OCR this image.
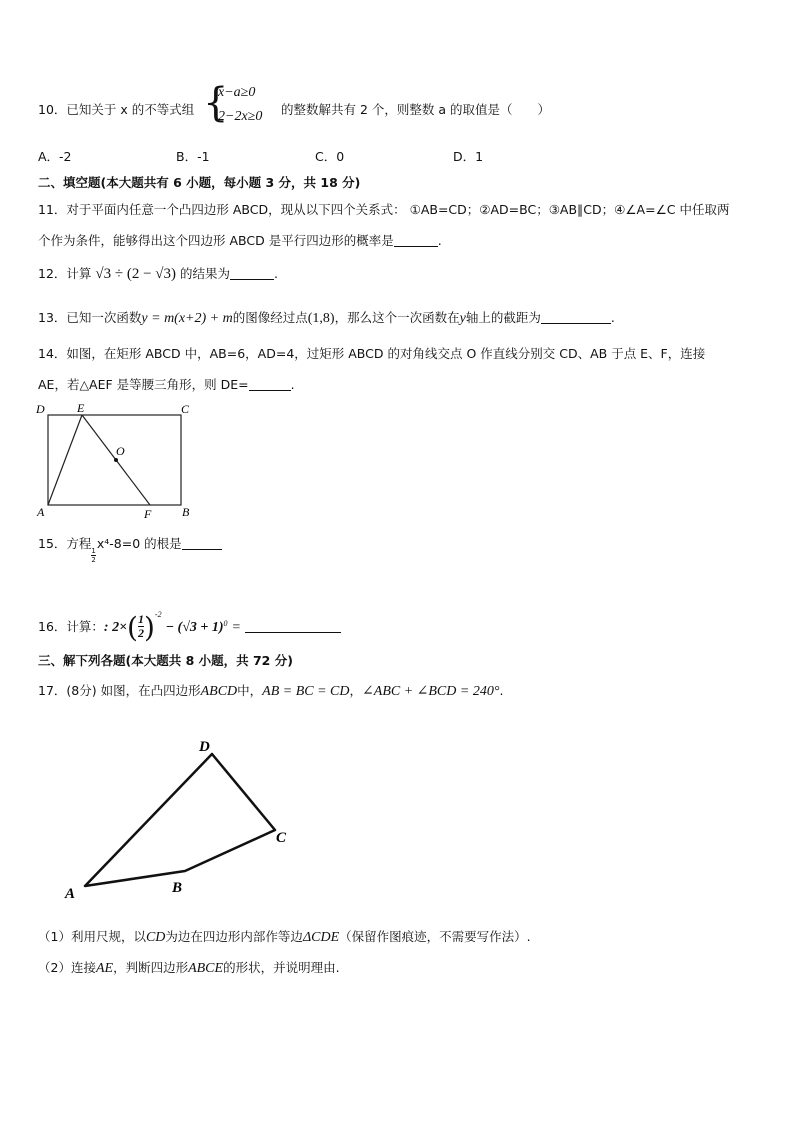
10．已知关于 x 的不等式组 {
x−a≥0
2−2x≥0 的整数解共有 2 个，则整数 a 的取值是（　　）
A．-2	B．-1	C．0	D．1
二、填空题(本大题共有 6 小题，每小题 3 分，共 18 分)
11．对于平面内任意一个凸四边形 ABCD，现从以下四个关系式： ①AB=CD；②AD=BC；③AB∥CD；④∠A=∠C 中任取两
个作为条件，能够得出这个四边形 ABCD 是平行四边形的概率是	.
12．计算 √3 ÷ (2 − √3) 的结果为	.
13．已知一次函数y = m(x+2) + m的图像经过点(1,8)，那么这个一次函数在y轴上的截距为	.
14．如图，在矩形 ABCD 中，AB=6，AD=4，过矩形 ABCD 的对角线交点 O 作直线分别交 CD、AB 于点 E、F，连接
AE，若△AEF 是等腰三角形，则 DE=	.
D	E	C
O
A	F	B
15．方程
$\frac{1}{2}$
x⁴-8=0 的根是
16．计算：: $2\times( \frac{1}{2} )^{-2} - (√3 + 1)^0$ =
三、解下列各题(本大题共 8 小题，共 72 分)
17．(8分) 如图，在凸四边形ABCD中，AB = BC = CD，∠ABC + ∠BCD = 240°.
A	B
C
D
（1）利用尺规，以CD为边在四边形内部作等边ΔCDE（保留作图痕迹，不需要写作法）.
（2）连接AE，判断四边形ABCE的形状，并说明理由.
